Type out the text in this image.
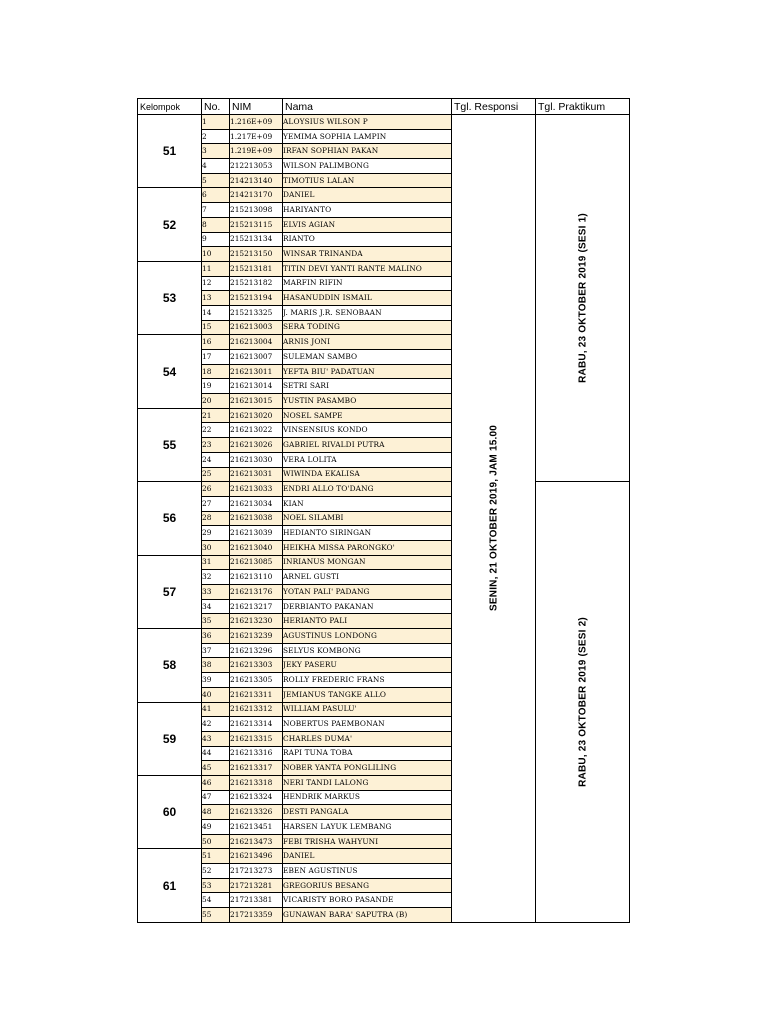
Kelompok	No.	NIM	Nama	Tgl. Responsi	Tgl. Praktikum
51	1	1.216E+09	ALOYSIUS WILSON P	SENIN, 21 OKTOBER 2019, JAM 15.00	RABU, 23 OKTOBER 2019 (SESI 1)

	2	1.217E+09	YEMIMA SOPHIA LAMPIN		
	3	1.219E+09	IRFAN SOPHIAN PAKAN		
	4	212213053	WILSON PALIMBONG		
	5	214213140	TIMOTIUS LALAN		
52	6	214213170	DANIEL		
	7	215213098	HARIYANTO		
	8	215213115	ELVIS AGIAN		
	9	215213134	RIANTO		
	10	215213150	WINSAR TRINANDA		
53	11	215213181	TITIN DEVI YANTI RANTE MALINO		
	12	215213182	MARFIN RIFIN		
	13	215213194	HASANUDDIN ISMAIL		
	14	215213325	J. MARIS J.R. SENOBAAN		
	15	216213003	SERA TODING		
54	16	216213004	ARNIS JONI		
	17	216213007	SULEMAN SAMBO		
	18	216213011	YEFTA BIU' PADATUAN		
	19	216213014	SETRI SARI		
	20	216213015	YUSTIN PASAMBO		
55	21	216213020	NOSEL SAMPE		
	22	216213022	VINSENSIUS KONDO		
	23	216213026	GABRIEL RIVALDI PUTRA		
	24	216213030	VERA LOLITA		
	25	216213031	WIWINDA EKALISA		
56	26	216213033	ENDRI ALLO TO'DANG		RABU, 23 OKTOBER 2019 (SESI 2)

	27	216213034	KIAN		
	28	216213038	NOEL SILAMBI		
	29	216213039	HEDIANTO SIRINGAN		
	30	216213040	HEIKHA MISSA PARONGKO'		
57	31	216213085	INRIANUS MONGAN		
	32	216213110	ARNEL GUSTI		
	33	216213176	YOTAN PALI' PADANG		
	34	216213217	DERBIANTO PAKANAN		
	35	216213230	HERIANTO PALI		
58	36	216213239	AGUSTINUS LONDONG		
	37	216213296	SELYUS KOMBONG		
	38	216213303	JEKY PASERU		
	39	216213305	ROLLY FREDERIC FRANS		
	40	216213311	JEMIANUS TANGKE ALLO		
59	41	216213312	WILLIAM PASULU'		
	42	216213314	NOBERTUS PAEMBONAN		
	43	216213315	CHARLES DUMA'		
	44	216213316	RAPI TUNA TOBA		
	45	216213317	NOBER YANTA PONGLILING		
60	46	216213318	NERI TANDI LALONG		
	47	216213324	HENDRIK MARKUS		
	48	216213326	DESTI PANGALA		
	49	216213451	HARSEN LAYUK LEMBANG		
	50	216213473	FEBI TRISHA WAHYUNI		
61	51	216213496	DANIEL		
	52	217213273	EBEN AGUSTINUS		
	53	217213281	GREGORIUS BESANG		
	54	217213381	VICARISTY BORO PASANDE		
	55	217213359	GUNAWAN BARA' SAPUTRA (B)		
